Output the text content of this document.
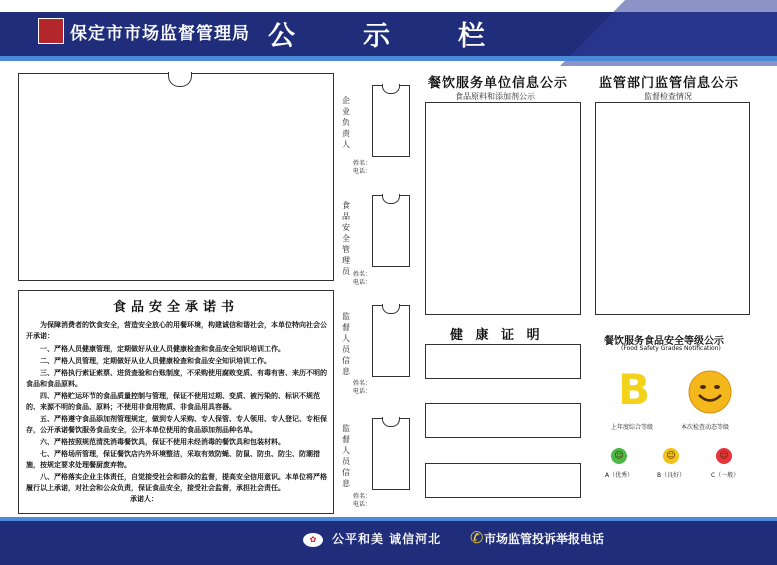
保定市市场监督管理局 公示栏
食品安全承诺书
为保障消费者的饮食安全，营造安全放心的用餐环境，构建诚信和谐社会，本单位特向社会公开承诺：

一、严格人员健康管理，定期做好从业人员健康检查和食品安全知识培训工作。

二、严格人员管理，定期做好从业人员健康检查和食品安全知识培训工作。

三、严格执行索证索票、进货查验和台账制度，不采购使用腐败变质、有毒有害、来历不明的食品和食品原料。

四、严格贮运环节的食品质量控制与管理，保证不使用过期、变质、被污染的、标识不规范的、来源不明的食品、原料；不使用非食用物质、非食品用具容器。

五、严格遵守食品添加剂管理规定，做到专人采购、专人保管、专人领用、专人登记、专柜保存，公开承诺餐饮服务食品安全，公开本单位使用的食品添加剂品种名单。

六、严格按照规范清洗消毒餐饮具，保证不使用未经消毒的餐饮具和包装材料。

七、严格场所管理，保证餐饮店内外环境整洁，采取有效防蝇、防鼠、防虫、防尘、防潮措施，按规定要求处理餐厨废弃物。

八、严格落实企业主体责任，自觉接受社会和群众的监督，提高安全信用意识。本单位将严格履行以上承诺，对社会和公众负责，保证食品安全，接受社会监督，承担社会责任。

承诺人：
企业负责人
姓名：
电话：
食品安全管理员 姓名：
电话：
监督人员信息
姓名：
电话：
监督人员信息
姓名：
电话：
餐饮服务单位信息公示
食品原料和添加剂公示
监管部门监管信息公示
监督检查情况
健 康 证 明	餐饮服务食品安全等级公示
(Food Safety Grades Notification)
B
上年度综合等级	本次检查动态等级
☺	☺	☺
A（优秀）	B（良好）	C（一般）
✿	公平和美 诚信河北 ✆ 市场监管投诉举报电话
